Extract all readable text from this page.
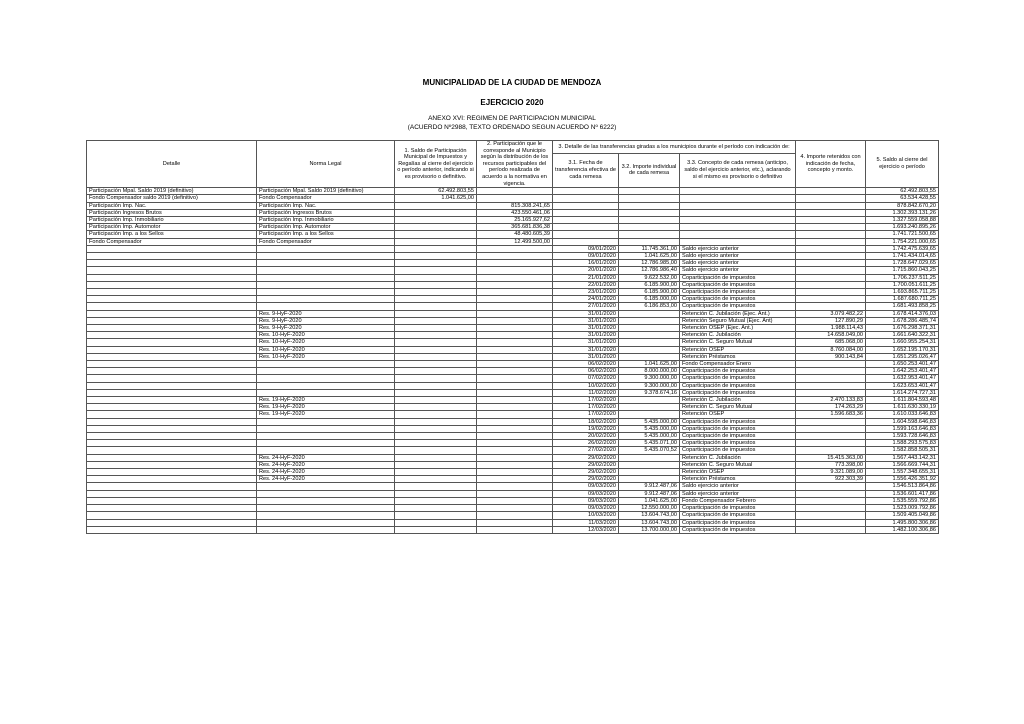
MUNICIPALIDAD DE LA CIUDAD DE MENDOZA
EJERCICIO 2020
ANEXO XVI: REGIMEN DE PARTICIPACION MUNICIPAL
(ACUERDO Nº2988, TEXTO ORDENADO SEGUN ACUERDO Nº 6222)
Detalle	Norma Legal	1. Saldo de Participación Municipal de Impuestos y Regalías al cierre del ejercicio o período anterior, indicando si es provisorio o definitivo.	2. Participación que le corresponde al Municipio según la distribución de los recursos participables del período realizada de acuerdo a la normativa en vigencia.	3. Detalle de las transferencias giradas a los municipios durante el período con indicación de:			4. Importe retenidos con indicación de fecha, concepto y monto.	5. Saldo al cierre del ejercicio o período
				3.1. Fecha de transferencia efectiva de cada remesa	3.2. Importe individual de cada remesa	3.3. Concepto de cada remesa (anticipo, saldo del ejercicio anterior, etc.), aclarando si el mismo es provisorio o definitivo		
Participación Mpal. Saldo 2019 (definitivo)	Participación Mpal. Saldo 2019 (definitivo)	62.492.803,55						62.492.803,55
Fondo Compensador saldo 2019 (definitivo)	Fondo Compensador	1.041.625,00						63.534.428,55
Participación Imp. Nac.	Participación Imp. Nac.		815.308.241,65					878.842.670,20
Participación Ingresos Brutos	Participación Ingresos Brutos		423.550.461,06					1.302.393.131,26
Participación Imp. Inmobiliario	Participación Imp. Inmobiliario		25.165.927,62					1.327.559.058,88
Participación Imp. Automotor	Participación Imp. Automotor		365.681.836,38					1.693.240.895,26
Participación Imp. a los Sellos	Participación Imp. a los Sellos		48.480.605,39					1.741.721.500,65
Fondo Compensador	Fondo Compensador		12.499.500,00					1.754.221.000,65
				09/01/2020	11.745.361,00	Saldo ejercicio anterior		1.742.475.639,65
				09/01/2020	1.041.625,00	Saldo ejercicio anterior		1.741.434.014,65
				16/01/2020	12.786.985,00	Saldo ejercicio anterior		1.728.647.029,65
				20/01/2020	12.786.986,40	Saldo ejercicio anterior		1.715.860.043,25
				21/01/2020	9.622.532,00	Coparticipación de impuestos		1.706.237.511,25
				22/01/2020	6.185.900,00	Coparticipación de impuestos		1.700.051.611,25
				23/01/2020	6.185.900,00	Coparticipación de impuestos		1.693.865.711,25
				24/01/2020	6.185.000,00	Coparticipación de impuestos		1.687.680.711,25
				27/01/2020	6.186.853,00	Coparticipación de impuestos		1.681.493.858,25
	Res. 9-HyF-2020			31/01/2020		Retención C. Jubilación (Ejec. Ant.)	3.079.482,22	1.678.414.376,03
	Res. 9-HyF-2020			31/01/2020		Retención Seguro Mutual (Ejec. Ant)	127.890,29	1.678.286.485,74
	Res. 9-HyF-2020			31/01/2020		Retención OSEP (Ejec. Ant.)	1.988.114,43	1.676.298.371,31
	Res. 10-HyF-2020			31/01/2020		Retención C. Jubilación	14.658.049,00	1.661.640.322,31
	Res. 10-HyF-2020			31/01/2020		Retención C. Seguro Mutual	685.068,00	1.660.955.254,31
	Res. 10-HyF-2020			31/01/2020		Retención OSEP	8.760.084,00	1.652.195.170,31
	Res. 10-HyF-2020			31/01/2020		Retención Préstamos	900.143,84	1.651.295.026,47
				06/02/2020	1.041.625,00	Fondo Compensador Enero		1.650.253.401,47
				06/02/2020	8.000.000,00	Coparticipación de impuestos		1.642.253.401,47
				07/02/2020	9.300.000,00	Coparticipación de impuestos		1.632.953.401,47
				10/02/2020	9.300.000,00	Coparticipación de impuestos		1.623.653.401,47
				11/02/2020	9.378.674,16	Coparticipación de impuestos		1.614.274.727,31
	Res. 19-HyF-2020			17/02/2020		Retención C. Jubilación	2.470.133,83	1.611.804.593,48
	Res. 19-HyF-2020			17/02/2020		Retención C. Seguro Mutual	174.263,29	1.611.630.330,19
	Res. 19-HyF-2020			17/02/2020		Retención OSEP	1.596.683,36	1.610.033.646,83
				18/02/2020	5.435.000,00	Coparticipación de impuestos		1.604.598.646,83
				19/02/2020	5.435.000,00	Coparticipación de impuestos		1.599.163.646,83
				20/02/2020	5.435.000,00	Coparticipación de impuestos		1.593.728.646,83
				26/02/2020	5.435.071,00	Coparticipación de impuestos		1.588.293.575,83
				27/02/2020	5.435.070,52	Coparticipación de impuestos		1.582.858.505,31
	Res. 24-HyF-2020			29/02/2020		Retención C. Jubilación	15.415.363,00	1.567.443.142,31
	Res. 24-HyF-2020			29/02/2020		Retención C. Seguro Mutual	773.398,00	1.566.669.744,31
	Res. 24-HyF-2020			29/02/2020		Retención OSEP	9.321.089,00	1.557.348.655,31
	Res. 24-HyF-2020			29/02/2020		Retención Préstamos	922.303,39	1.556.426.351,92
				09/03/2020	9.912.487,06	Saldo ejercicio anterior		1.546.513.864,86
				09/03/2020	9.912.487,06	Saldo ejercicio anterior		1.536.601.417,86
				09/03/2020	1.041.625,00	Fondo Compensador Febrero		1.535.559.792,86
				09/03/2020	12.550.000,00	Coparticipación de impuestos		1.523.009.792,86
				10/03/2020	13.604.743,00	Coparticipación de impuestos		1.509.405.049,86
				11/03/2020	13.604.743,00	Coparticipación de impuestos		1.495.800.306,86
				12/03/2020	13.700.000,00	Coparticipación de impuestos		1.482.100.306,86
